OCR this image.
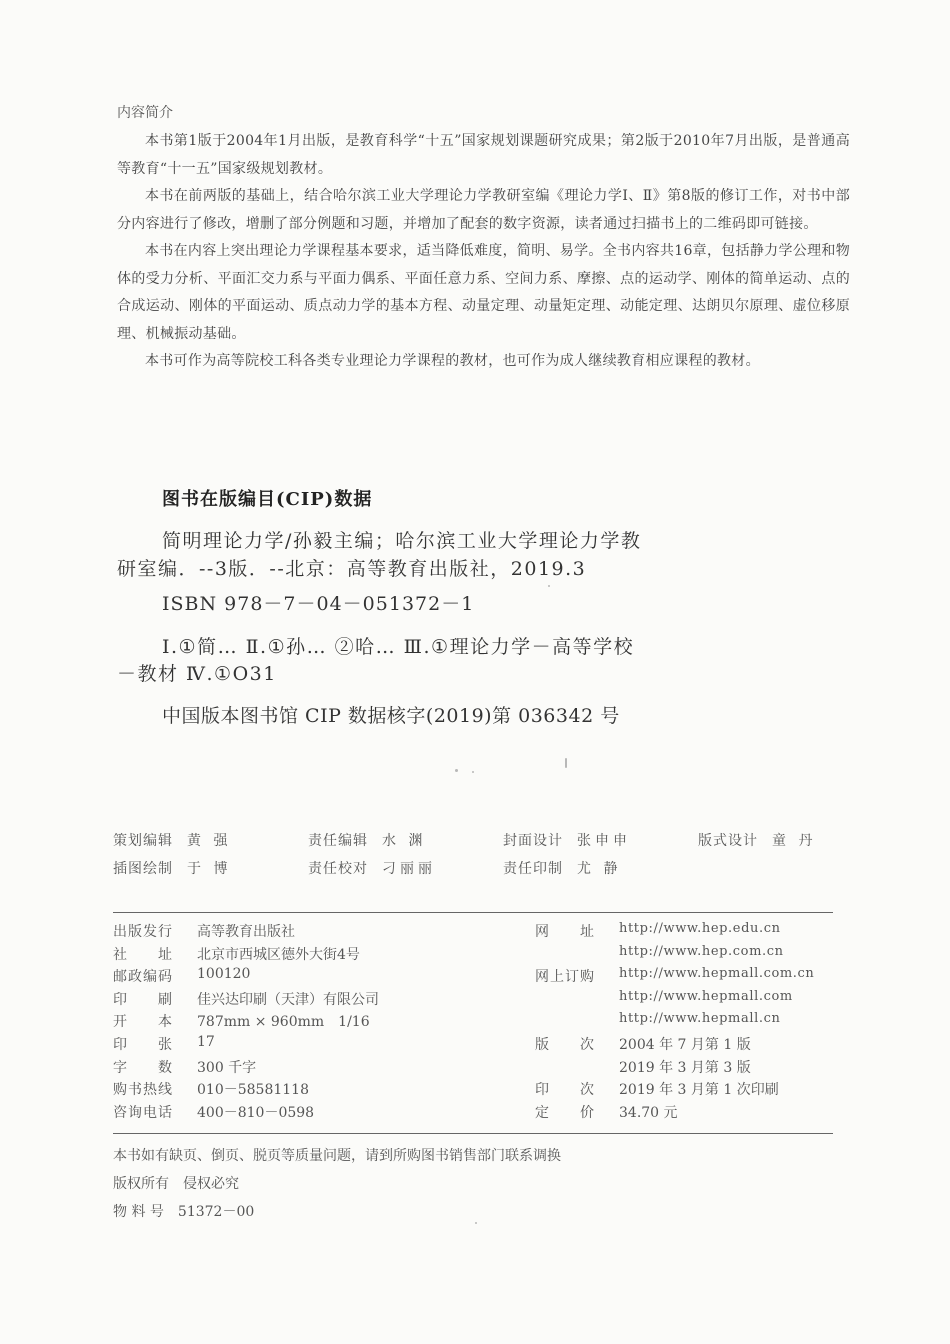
内容简介

本书第1版于2004年1月出版，是教育科学“十五”国家规划课题研究成果；第2版于2010年7月出版，是普通高等教育“十一五”国家级规划教材。

本书在前两版的基础上，结合哈尔滨工业大学理论力学教研室编《理论力学Ⅰ、Ⅱ》第8版的修订工作，对书中部分内容进行了修改，增删了部分例题和习题，并增加了配套的数字资源，读者通过扫描书上的二维码即可链接。

本书在内容上突出理论力学课程基本要求，适当降低难度，简明、易学。全书内容共16章，包括静力学公理和物体的受力分析、平面汇交力系与平面力偶系、平面任意力系、空间力系、摩擦、点的运动学、刚体的简单运动、点的合成运动、刚体的平面运动、质点动力学的基本方程、动量定理、动量矩定理、动能定理、达朗贝尔原理、虚位移原理、机械振动基础。

本书可作为高等院校工科各类专业理论力学课程的教材，也可作为成人继续教育相应课程的教材。

图书在版编目(CIP)数据

简明理论力学/孙毅主编；哈尔滨工业大学理论力学教研室编．--3版．--北京：高等教育出版社，2019.3

ISBN 978－7－04－051372－1

Ⅰ.①简… Ⅱ.①孙… ②哈… Ⅲ.①理论力学－高等学校－教材 Ⅳ.①O31

中国版本图书馆 CIP 数据核字(2019)第 036342 号

策划编辑 黄 强	责任编辑 水 渊	封面设计 张申申	版式设计 童 丹
插图绘制 于 博	责任校对 刁丽丽	责任印制 尤 静
出版发行 高等教育出版社
社　　址 北京市西城区德外大街4号
邮政编码 100120
印　　刷 佳兴达印刷（天津）有限公司
开　　本 787mm × 960mm　1/16
印　　张 17
字　　数 300 千字
购书热线 010－58581118
咨询电话 400－810－0598
网　　址 http://www.hep.edu.cn
http://www.hep.com.cn
网上订购 http://www.hepmall.com.cn
http://www.hepmall.com
http://www.hepmall.cn
版　　次 2004 年 7 月第 1 版
2019 年 3 月第 3 版
印　　次 2019 年 3 月第 1 次印刷
定　　价 34.70 元

本书如有缺页、倒页、脱页等质量问题，请到所购图书销售部门联系调换

版权所有 侵权必究

物 料 号 51372－00
